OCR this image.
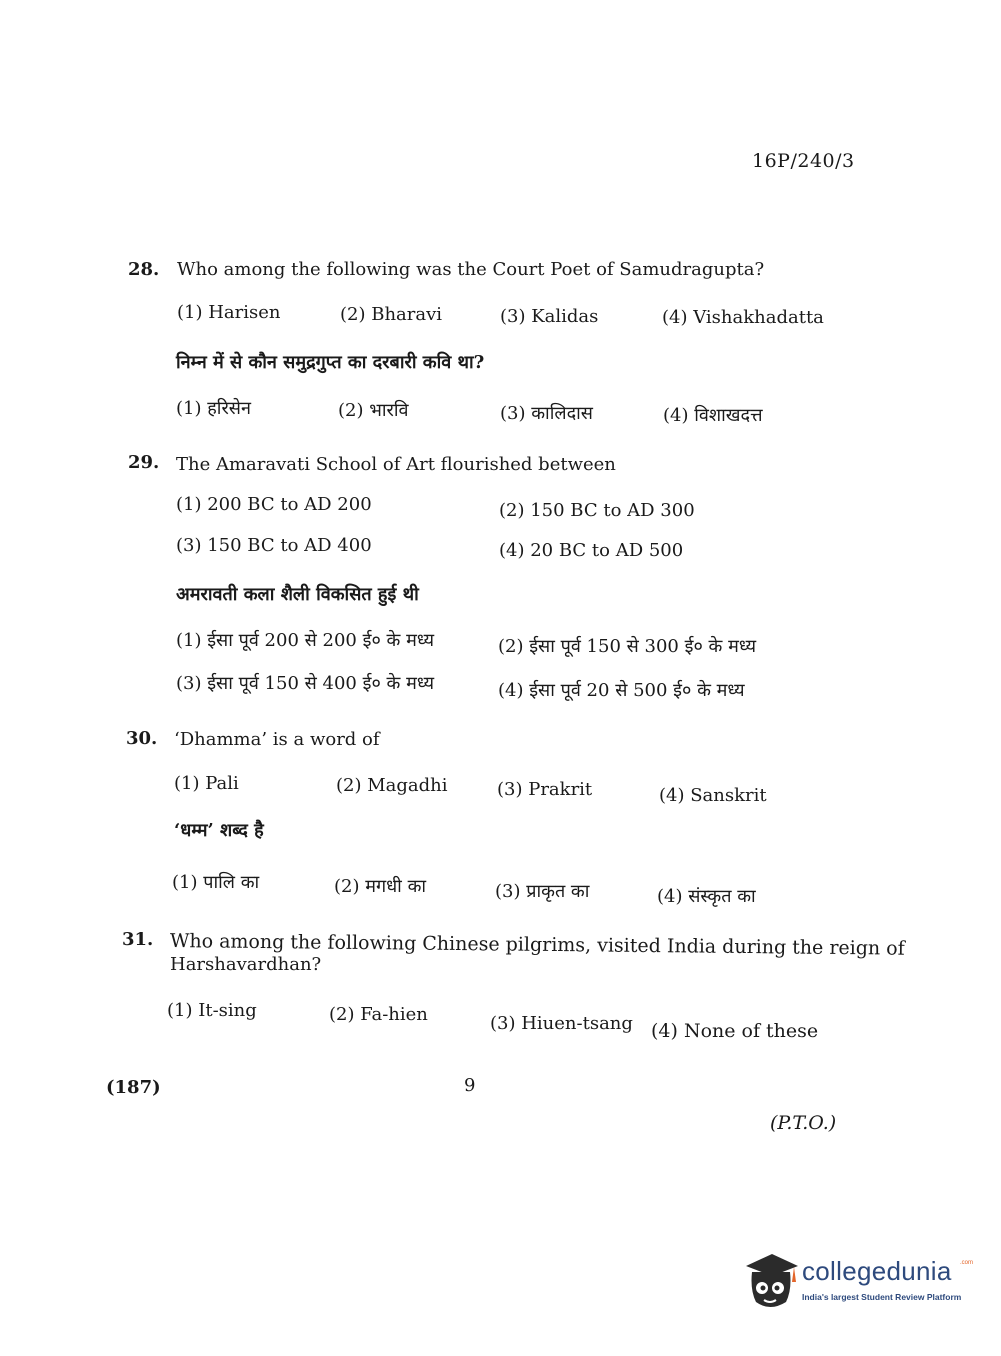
16P/240/3
28. Who among the following was the Court Poet of Samudragupta?
(1) Harisen	(2) Bharavi	(3) Kalidas	(4) Vishakhadatta
निम्न में से कौन समुद्रगुप्त का दरबारी कवि था?
(1) हरिसेन	(2) भारवि	(3) कालिदास	(4) विशाखदत्त
29. The Amaravati School of Art flourished between
(1) 200 BC to AD 200	(2) 150 BC to AD 300
(3) 150 BC to AD 400	(4) 20 BC to AD 500
अमरावती कला शैली विकसित हुई थी
(1) ईसा पूर्व 200 से 200 ई० के मध्य	(2) ईसा पूर्व 150 से 300 ई० के मध्य
(3) ईसा पूर्व 150 से 400 ई० के मध्य	(4) ईसा पूर्व 20 से 500 ई० के मध्य
30. ‘Dhamma’ is a word of
(1) Pali	(2) Magadhi	(3) Prakrit	(4) Sanskrit
‘धम्म’ शब्द है
(1) पालि का	(2) मगधी का	(3) प्राकृत का	(4) संस्कृत का
31. Who among the following Chinese pilgrims, visited India during the reign of
Harshavardhan?
(1) It-sing	(2) Fa-hien	(3) Hiuen-tsang (4) None of these
(187)	9
(P.T.O.)
collegedunia .com
India's largest Student Review Platform
